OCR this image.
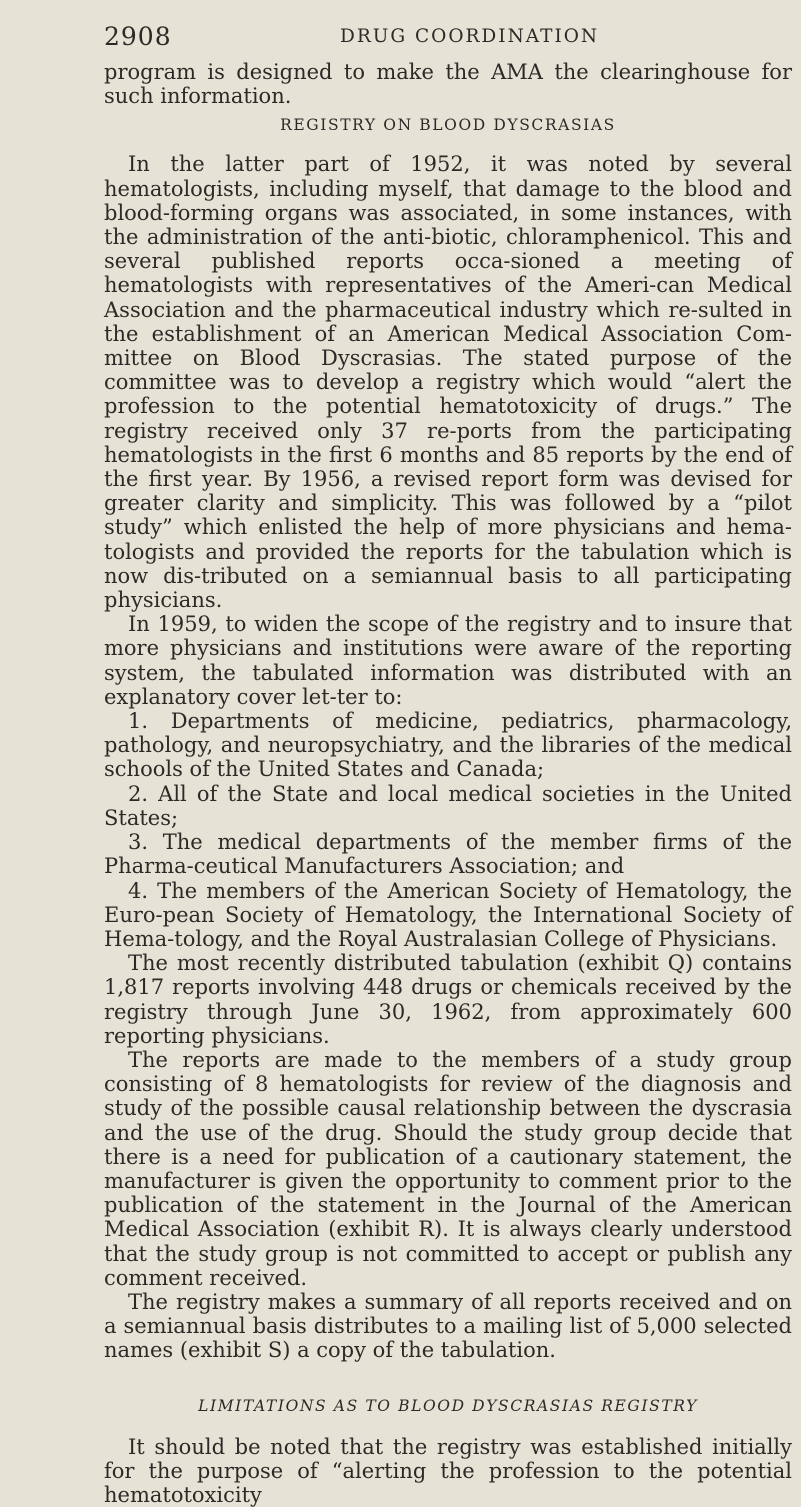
2908	DRUG COORDINATION

program is designed to make the AMA the clearinghouse for such information.

REGISTRY ON BLOOD DYSCRASIAS

In the latter part of 1952, it was noted by several hematologists, including myself, that damage to the blood and blood-forming organs was associated, in some instances, with the administration of the anti-biotic, chloramphenicol. This and several published reports occa-sioned a meeting of hematologists with representatives of the Ameri-can Medical Association and the pharmaceutical industry which re-sulted in the establishment of an American Medical Association Com-mittee on Blood Dyscrasias. The stated purpose of the committee was to develop a registry which would “alert the profession to the potential hematotoxicity of drugs.” The registry received only 37 re-ports from the participating hematologists in the first 6 months and 85 reports by the end of the first year. By 1956, a revised report form was devised for greater clarity and simplicity. This was followed by a “pilot study” which enlisted the help of more physicians and hema-tologists and provided the reports for the tabulation which is now dis-tributed on a semiannual basis to all participating physicians.

In 1959, to widen the scope of the registry and to insure that more physicians and institutions were aware of the reporting system, the tabulated information was distributed with an explanatory cover let-ter to:

1. Departments of medicine, pediatrics, pharmacology, pathology, and neuropsychiatry, and the libraries of the medical schools of the United States and Canada;

2. All of the State and local medical societies in the United States;

3. The medical departments of the member firms of the Pharma-ceutical Manufacturers Association; and

4. The members of the American Society of Hematology, the Euro-pean Society of Hematology, the International Society of Hema-tology, and the Royal Australasian College of Physicians.

The most recently distributed tabulation (exhibit Q) contains 1,817 reports involving 448 drugs or chemicals received by the registry through June 30, 1962, from approximately 600 reporting physicians.

The reports are made to the members of a study group consisting of 8 hematologists for review of the diagnosis and study of the possible causal relationship between the dyscrasia and the use of the drug. Should the study group decide that there is a need for publication of a cautionary statement, the manufacturer is given the opportunity to comment prior to the publication of the statement in the Journal of the American Medical Association (exhibit R). It is always clearly understood that the study group is not committed to accept or publish any comment received.

The registry makes a summary of all reports received and on a semiannual basis distributes to a mailing list of 5,000 selected names (exhibit S) a copy of the tabulation.

LIMITATIONS AS TO BLOOD DYSCRASIAS REGISTRY

It should be noted that the registry was established initially for the purpose of “alerting the profession to the potential hematotoxicity
